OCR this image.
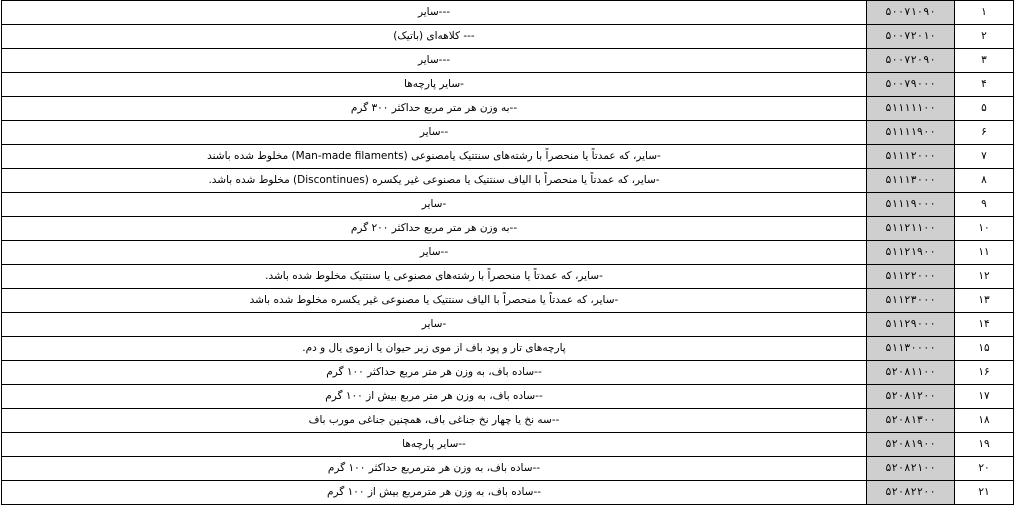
---سایر	۵۰۰۷۱۰۹۰	۱
--- کلاهه‌ای (باتیک)	۵۰۰۷۲۰۱۰	۲
---سایر	۵۰۰۷۲۰۹۰	۳
-سایر پارچه‌ها	۵۰۰۷۹۰۰۰	۴
--به وزن هر متر مربع حداکثر ۳۰۰ گرم	۵۱۱۱۱۱۰۰	۵
--سایر	۵۱۱۱۱۹۰۰	۶
-سایر، که عمدتاً یا منحصراً با رشته‌های سنتتیک یامصنوعی (Man-made filaments) مخلوط شده باشند	۵۱۱۱۲۰۰۰	۷
-سایر، که عمدتاً یا منحصراً با الیاف سنتتیک یا مصنوعی غیر یکسره (Discontinues) مخلوط شده باشد.	۵۱۱۱۳۰۰۰	۸
-سایر	۵۱۱۱۹۰۰۰	۹
--به وزن هر متر مربع حداکثر ۲۰۰ گرم	۵۱۱۲۱۱۰۰	۱۰
--سایر	۵۱۱۲۱۹۰۰	۱۱
-سایر، که عمدتاً یا منحصراً با رشته‌های مصنوعی یا سنتتیک مخلوط شده باشد.	۵۱۱۲۲۰۰۰	۱۲
-سایر، که عمدتاً یا منحصراً با الیاف سنتتیک یا مصنوعی غیر یکسره مخلوط شده باشد	۵۱۱۲۳۰۰۰	۱۳
-سایر	۵۱۱۲۹۰۰۰	۱۴
پارچه‌های تار و پود باف از موی زبر حیوان یا ازموی یال و دم.	۵۱۱۳۰۰۰۰	۱۵
--ساده باف، به وزن هر متر مربع حداکثر ۱۰۰ گرم	۵۲۰۸۱۱۰۰	۱۶
--ساده باف، به وزن هر متر مربع بیش از ۱۰۰ گرم	۵۲۰۸۱۲۰۰	۱۷
--سه نخ یا چهار نخ جناغی باف، همچنین جناغی مورب باف	۵۲۰۸۱۳۰۰	۱۸
--سایر پارچه‌ها	۵۲۰۸۱۹۰۰	۱۹
--ساده باف، به وزن هر مترمربع حداکثر ۱۰۰ گرم	۵۲۰۸۲۱۰۰	۲۰
--ساده باف، به وزن هر مترمربع بیش از ۱۰۰ گرم	۵۲۰۸۲۲۰۰	۲۱
